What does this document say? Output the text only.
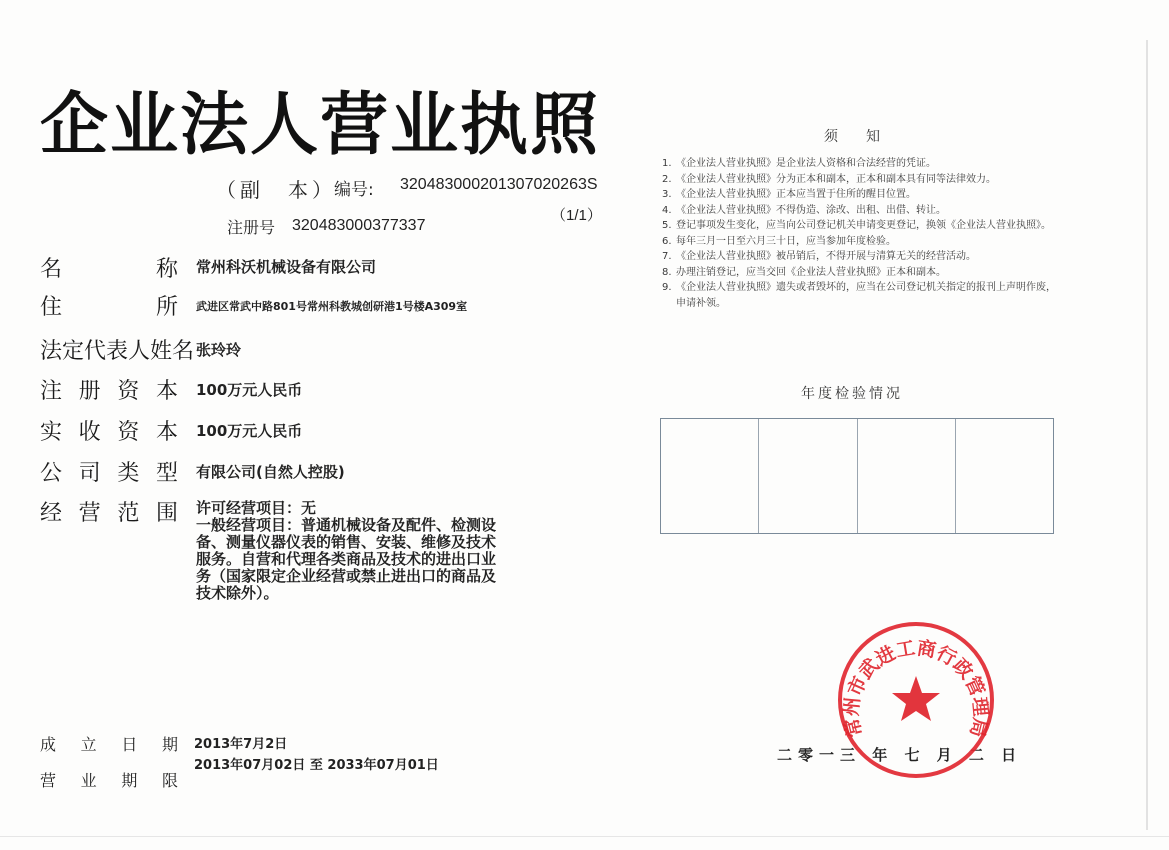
企业法人营业执照
（副　本）
编号: 320483000201307020263S
（1/1）
注册号 320483000377337
名	称 常州科沃机械设备有限公司
住	所 武进区常武中路801号常州科教城创研港1号楼A309室
法定代表人姓名 张玲玲
注 册 资 本 100万元人民币
实 收 资 本 100万元人民币
公 司 类 型 有限公司(自然人控股)
经 营 范 围 许可经营项目：无
一般经营项目：普通机械设备及配件、检测设
备、测量仪器仪表的销售、安装、维修及技术
服务。自营和代理各类商品及技术的进出口业
务（国家限定企业经营或禁止进出口的商品及
技术除外）。
成 立 日 期 2013年7月2日
营 业 期 限
2013年07月02日 至 2033年07月01日
须知
1. 《企业法人营业执照》是企业法人资格和合法经营的凭证。
2. 《企业法人营业执照》分为正本和副本，正本和副本具有同等法律效力。
3. 《企业法人营业执照》正本应当置于住所的醒目位置。
4. 《企业法人营业执照》不得伪造、涂改、出租、出借、转让。
5. 登记事项发生变化，应当向公司登记机关申请变更登记，换领《企业法人营业执照》。
6. 每年三月一日至六月三十日，应当参加年度检验。
7. 《企业法人营业执照》被吊销后，不得开展与清算无关的经营活动。
8. 办理注销登记，应当交回《企业法人营业执照》正本和副本。
9. 《企业法人营业执照》遗失或者毁坏的，应当在公司登记机关指定的报刊上声明作废，申请补领。
年度检验情况
二零一三 年 七 月 二 日
常州市武进工商行政管理局
